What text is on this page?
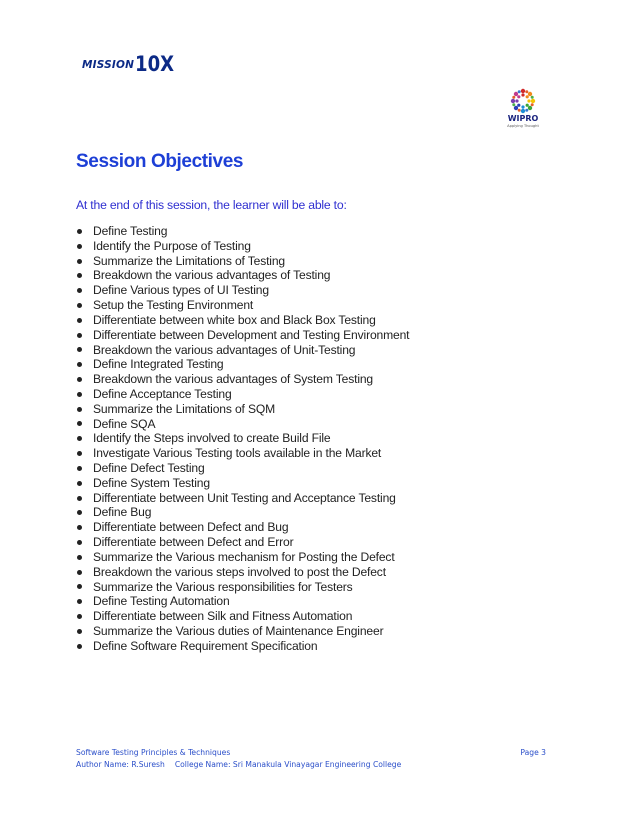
MISSION 10X
WIPRO
Applying Thought
Session Objectives

At the end of this session, the learner will be able to:

Define Testing
Identify the Purpose of Testing
Summarize the Limitations of Testing
Breakdown the various advantages of Testing
Define Various types of UI Testing
Setup the Testing Environment
Differentiate between white box and Black Box Testing
Differentiate between Development and Testing Environment
Breakdown the various advantages of Unit-Testing
Define Integrated Testing
Breakdown the various advantages of System Testing
Define Acceptance Testing
Summarize the Limitations of SQM
Define SQA
Identify the Steps involved to create Build File
Investigate Various Testing tools available in the Market
Define Defect Testing
Define System Testing
Differentiate between Unit Testing and Acceptance Testing
Define Bug
Differentiate between Defect and Bug
Differentiate between Defect and Error
Summarize the Various mechanism for Posting the Defect
Breakdown the various steps involved to post the Defect
Summarize the Various responsibilities for Testers
Define Testing Automation
Differentiate between Silk and Fitness Automation
Summarize the Various duties of Maintenance Engineer
Define Software Requirement Specification
Software Testing Principles & Techniques	Page 3
Author Name: R.Suresh College Name: Sri Manakula Vinayagar Engineering College
